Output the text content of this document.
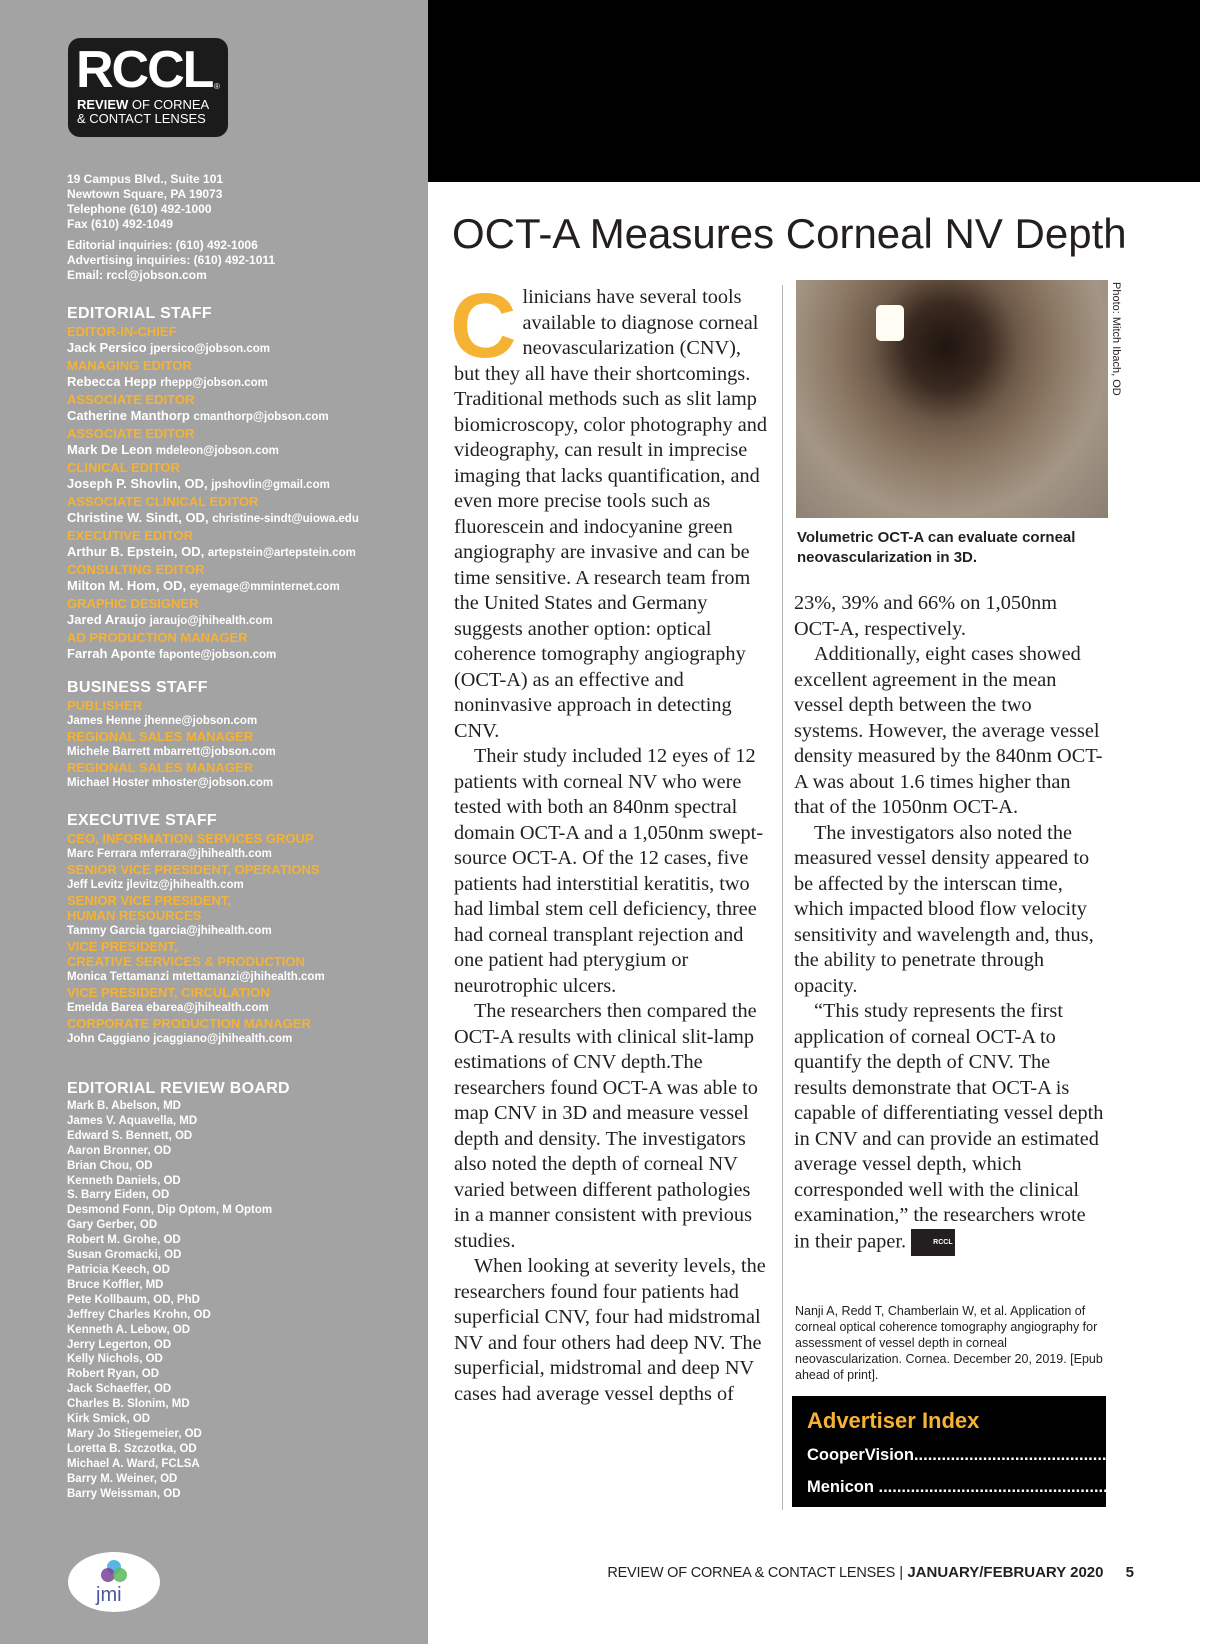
RCCL ®
REVIEW OF CORNEA
& CONTACT LENSES
19 Campus Blvd., Suite 101
Newtown Square, PA 19073
Telephone (610) 492-1000
Fax (610) 492-1049
Editorial inquiries: (610) 492-1006
Advertising inquiries: (610) 492-1011
Email: rccl@jobson.com
EDITORIAL STAFF
EDITOR-IN-CHIEF
Jack Persico jpersico@jobson.com
MANAGING EDITOR
Rebecca Hepp rhepp@jobson.com
ASSOCIATE EDITOR
Catherine Manthorp cmanthorp@jobson.com
ASSOCIATE EDITOR
Mark De Leon mdeleon@jobson.com
CLINICAL EDITOR
Joseph P. Shovlin, OD, jpshovlin@gmail.com
ASSOCIATE CLINICAL EDITOR
Christine W. Sindt, OD, christine-sindt@uiowa.edu
EXECUTIVE EDITOR
Arthur B. Epstein, OD, artepstein@artepstein.com
CONSULTING EDITOR
Milton M. Hom, OD, eyemage@mminternet.com
GRAPHIC DESIGNER
Jared Araujo jaraujo@jhihealth.com
AD PRODUCTION MANAGER
Farrah Aponte faponte@jobson.com
BUSINESS STAFF
PUBLISHER
James Henne jhenne@jobson.com
REGIONAL SALES MANAGER
Michele Barrett mbarrett@jobson.com
REGIONAL SALES MANAGER
Michael Hoster mhoster@jobson.com
EXECUTIVE STAFF
CEO, INFORMATION SERVICES GROUP
Marc Ferrara mferrara@jhihealth.com
SENIOR VICE PRESIDENT, OPERATIONS
Jeff Levitz jlevitz@jhihealth.com
SENIOR VICE PRESIDENT,
HUMAN RESOURCES
Tammy Garcia tgarcia@jhihealth.com
VICE PRESIDENT,
CREATIVE SERVICES & PRODUCTION
Monica Tettamanzi mtettamanzi@jhihealth.com
VICE PRESIDENT, CIRCULATION
Emelda Barea ebarea@jhihealth.com
CORPORATE PRODUCTION MANAGER
John Caggiano jcaggiano@jhihealth.com
EDITORIAL REVIEW BOARD
Mark B. Abelson, MD
James V. Aquavella, MD
Edward S. Bennett, OD
Aaron Bronner, OD
Brian Chou, OD
Kenneth Daniels, OD
S. Barry Eiden, OD
Desmond Fonn, Dip Optom, M Optom
Gary Gerber, OD
Robert M. Grohe, OD
Susan Gromacki, OD
Patricia Keech, OD
Bruce Koffler, MD
Pete Kollbaum, OD, PhD
Jeffrey Charles Krohn, OD
Kenneth A. Lebow, OD
Jerry Legerton, OD
Kelly Nichols, OD
Robert Ryan, OD
Jack Schaeffer, OD
Charles B. Slonim, MD
Kirk Smick, OD
Mary Jo Stiegemeier, OD
Loretta B. Szczotka, OD
Michael A. Ward, FCLSA
Barry M. Weiner, OD
Barry Weissman, OD
jmi
OCT-A Measures Corneal NV Depth

Clinicians have several tools available to diagnose corneal neovascularization (CNV), but they all have their shortcomings. Traditional methods such as slit lamp biomicroscopy, color photography and videography, can result in imprecise imaging that lacks quantification, and even more precise tools such as fluorescein and indocyanine green angiography are invasive and can be time sensitive. A research team from the United States and Germany suggests another option: optical coherence tomography angiography (OCT-A) as an effective and noninvasive approach in detecting CNV.

Their study included 12 eyes of 12 patients with corneal NV who were tested with both an 840nm spectral domain OCT-A and a 1,050nm swept-source OCT-A. Of the 12 cases, five patients had interstitial keratitis, two had limbal stem cell deficiency, three had corneal transplant rejection and one patient had pterygium or neurotrophic ulcers.

The researchers then compared the OCT-A results with clinical slit-lamp estimations of CNV depth.The researchers found OCT-A was able to map CNV in 3D and measure vessel depth and density. The investigators also noted the depth of corneal NV varied between different pathologies in a manner consistent with previous studies.

When looking at severity levels, the researchers found four patients had superficial CNV, four had midstromal NV and four others had deep NV. The superficial, midstromal and deep NV cases had average vessel depths of

Photo: Mitch Ibach, OD
Volumetric OCT-A can evaluate corneal neovascularization in 3D.

23%, 39% and 66% on 1,050nm OCT-A, respectively.

Additionally, eight cases showed excellent agreement in the mean vessel depth between the two systems. However, the average vessel density measured by the 840nm OCT-A was about 1.6 times higher than that of the 1050nm OCT-A.

The investigators also noted the measured vessel density appeared to be affected by the interscan time, which impacted blood flow velocity sensitivity and wavelength and, thus, the ability to penetrate through opacity.

“This study represents the first application of corneal OCT-A to quantify the depth of CNV. The results demonstrate that OCT-A is capable of differentiating vessel depth in CNV and can provide an estimated average vessel depth, which corresponded well with the clinical examination,” the researchers wrote in their paper.	RCCL

Nanji A, Redd T, Chamberlain W, et al. Application of corneal optical coherence tomography angiography for assessment of vessel depth in corneal neovascularization. Cornea. December 20, 2019. [Epub ahead of print].
Advertiser Index
CooperVision ........................................................ Cover 2
Menicon ........................................................ Cover 4
REVIEW OF CORNEA & CONTACT LENSES | JANUARY/FEBRUARY 2020 5
